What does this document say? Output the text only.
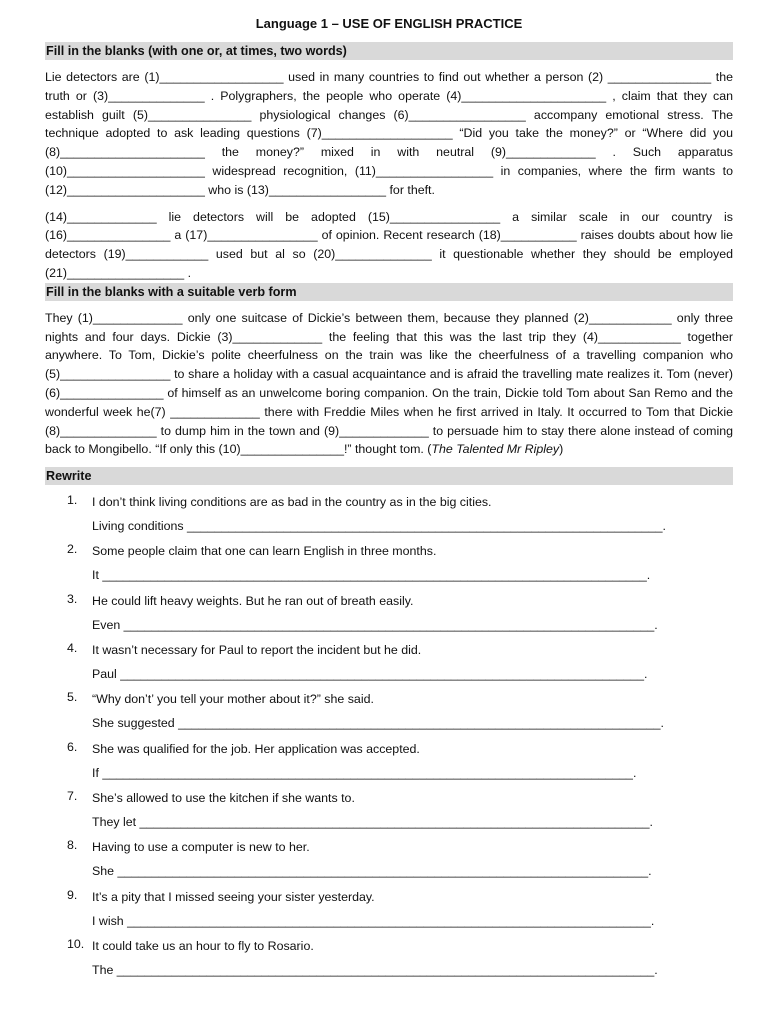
Language 1 – USE OF ENGLISH PRACTICE
Fill in the blanks (with one or, at times, two words)

Lie detectors are (1)__________________ used in many countries to find out whether a person (2) _______________ the truth or (3)______________ . Polygraphers, the people who operate (4)_____________________ , claim that they can establish guilt (5)_______________ physiological changes (6)_________________ accompany emotional stress. The technique adopted to ask leading questions (7)___________________ “Did you take the money?” or “Where did you (8)_____________________ the money?” mixed in with neutral (9)_____________ . Such apparatus (10)____________________ widespread recognition, (11)_________________ in companies, where the firm wants to (12)____________________ who is (13)_________________ for theft.

(14)_____________ lie detectors will be adopted (15)________________ a similar scale in our country is (16)_______________ a (17)________________ of opinion. Recent research (18)___________ raises doubts about how lie detectors (19)____________ used but al so (20)______________ it questionable whether they should be employed (21)_________________ .

Fill in the blanks with a suitable verb form

They (1)_____________ only one suitcase of Dickie’s between them, because they planned (2)____________ only three nights and four days. Dickie (3)_____________ the feeling that this was the last trip they (4)____________ together anywhere. To Tom, Dickie’s polite cheerfulness on the train was like the cheerfulness of a travelling companion who (5)________________ to share a holiday with a casual acquaintance and is afraid the travelling mate realizes it. Tom (never) (6)_______________ of himself as an unwelcome boring companion. On the train, Dickie told Tom about San Remo and the wonderful week he(7) _____________ there with Freddie Miles when he first arrived in Italy. It occurred to Tom that Dickie (8)______________ to dump him in the town and (9)_____________ to persuade him to stay there alone instead of coming back to Mongibello. “If only this (10)_______________!” thought tom. (The Talented Mr Ripley)

Rewrite
1.	I don’t think living conditions are as bad in the country as in the big cities.
Living conditions _____________________________________________________________________.
2.	Some people claim that one can learn English in three months.
It _______________________________________________________________________________.
3.	He could lift heavy weights. But he ran out of breath easily.
Even _____________________________________________________________________________.
4.	It wasn’t necessary for Paul to report the incident but he did.
Paul ____________________________________________________________________________.
5.	“Why don’t’ you tell your mother about it?” she said.
She suggested ______________________________________________________________________.
6.	She was qualified for the job. Her application was accepted.
If _____________________________________________________________________________.
7.	She’s allowed to use the kitchen if she wants to.
They let __________________________________________________________________________.
8.	Having to use a computer is new to her.
She _____________________________________________________________________________.
9.	It’s a pity that I missed seeing your sister yesterday.
I wish ____________________________________________________________________________.
10. It could take us an hour to fly to Rosario.
The ______________________________________________________________________________.
